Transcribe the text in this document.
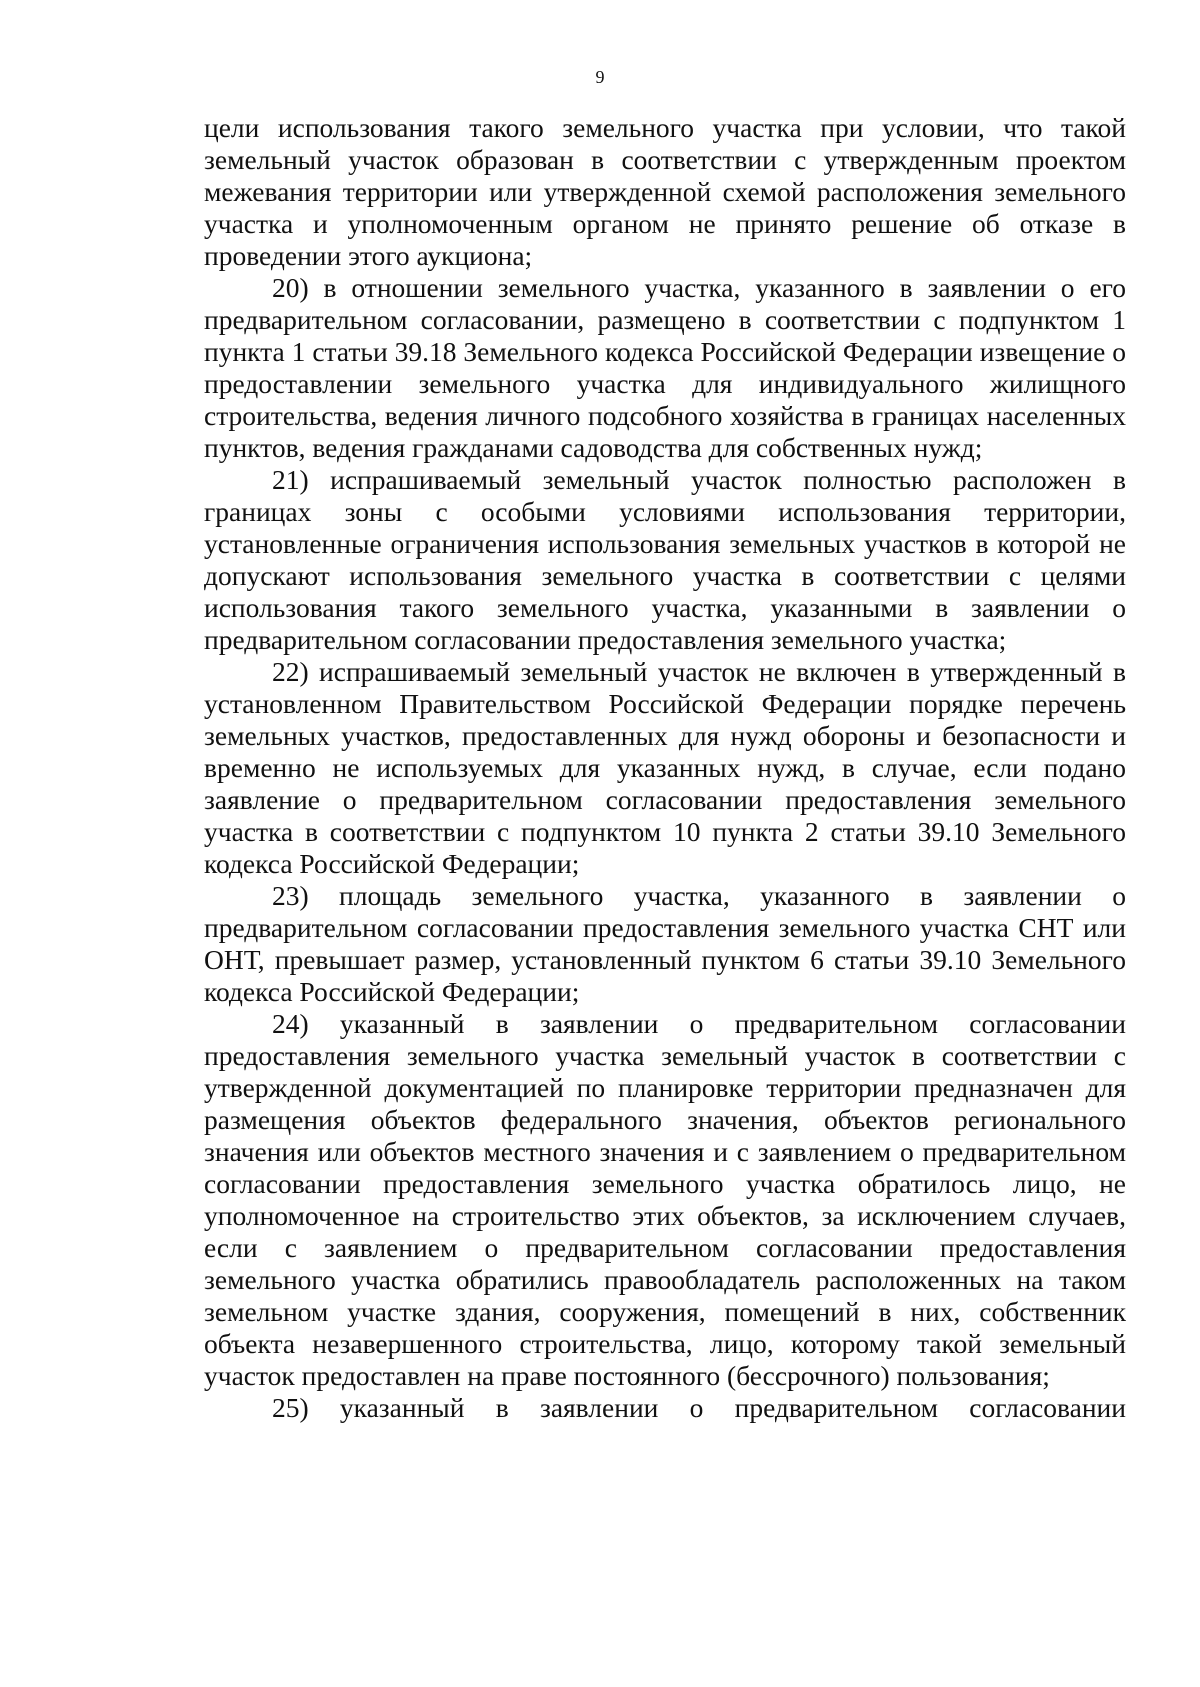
9

цели использования такого земельного участка при условии, что такой земельный участок образован в соответствии с утвержденным проектом межевания территории или утвержденной схемой расположения земельного участка и уполномоченным органом не принято решение об отказе в проведении этого аукциона;

20) в отношении земельного участка, указанного в заявлении о его предварительном согласовании, размещено в соответствии с подпунктом 1 пункта 1 статьи 39.18 Земельного кодекса Российской Федерации извещение о предоставлении земельного участка для индивидуального жилищного строительства, ведения личного подсобного хозяйства в границах населенных пунктов, ведения гражданами садоводства для собственных нужд;

21) испрашиваемый земельный участок полностью расположен в границах зоны с особыми условиями использования территории, установленные ограничения использования земельных участков в которой не допускают использования земельного участка в соответствии с целями использования такого земельного участка, указанными в заявлении о предварительном согласовании предоставления земельного участка;

22) испрашиваемый земельный участок не включен в утвержденный в установленном Правительством Российской Федерации порядке перечень земельных участков, предоставленных для нужд обороны и безопасности и временно не используемых для указанных нужд, в случае, если подано заявление о предварительном согласовании предоставления земельного участка в соответствии с подпунктом 10 пункта 2 статьи 39.10 Земельного кодекса Российской Федерации;

23) площадь земельного участка, указанного в заявлении о предварительном согласовании предоставления земельного участка СНТ или ОНТ, превышает размер, установленный пунктом 6 статьи 39.10 Земельного кодекса Российской Федерации;

24) указанный в заявлении о предварительном согласовании предоставления земельного участка земельный участок в соответствии с утвержденной документацией по планировке территории предназначен для размещения объектов федерального значения, объектов регионального значения или объектов местного значения и с заявлением о предварительном согласовании предоставления земельного участка обратилось лицо, не уполномоченное на строительство этих объектов, за исключением случаев, если с заявлением о предварительном согласовании предоставления земельного участка обратились правообладатель расположенных на таком земельном участке здания, сооружения, помещений в них, собственник объекта незавершенного строительства, лицо, которому такой земельный участок предоставлен на праве постоянного (бессрочного) пользования;

25) указанный в заявлении о предварительном согласовании
